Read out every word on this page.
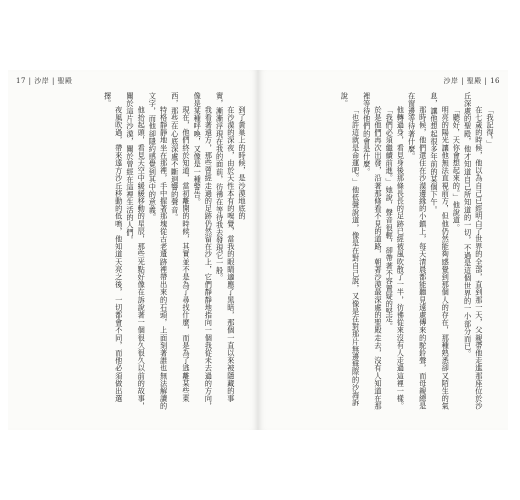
17 | 沙岸 | 聖殿

到了黃巢上的時候，是沙漠地底的

在沙漠的深夜，由於天性本有的嗅覺，當我的眼睛適應了黑暗，那個一直以來被隱藏的事實，漸漸浮現在我的面前，彷彿在等待我去發現它一般。

我看著遠方，那些曾經走過的足跡仍然留在沙上，它們靜靜地指向一個我從未去過的方向，像是某種呼喚，又像是一種警告。

現在，他們終於知道，當初離開的時候，其實並不是為了尋找什麼，而是為了逃離某些東西，那些在心底深處不斷迴響的聲音。

特格靜靜地坐在那裡，手中握著那塊從古老遺跡裡帶出來的石頭，上面刻著誰也無法解讀的文字，而他卻隱約感覺到其中的意義。

他抬起頭，看見天空中緩緩移動的星辰，那些光點好像在訴說著一個很久很久以前的故事，關於這片沙漠，關於曾經在這裡生活的人們。

夜風吹過，帶來遠方沙丘移動的低鳴，他知道天亮之後，一切都會不同，而他必須做出選擇。

沙岸 | 聖殿 | 16

「我記得。」

在七歲的時候，他以為自己已經明白了世界的全部，直到那一天，父親帶他走進那座位於沙丘深處的聖殿，他才知道自己所知道的一切，不過是這個世界的一小部分而已。

「聽好，天你會想起來的。」他說道。

明亮的陽光讓他無法直視前方，但他仍然能夠感覺到那個人的存在，那種熟悉卻又陌生的氣息，讓他想起很多年前的某個下午。

那時候，他們還住在沙漠邊緣的小鎮上，每天清晨都能聽見遠處傳來的駝鈴聲，而母親總是在窗邊等待著什麼。

他轉過身，看見身後那條長長的足跡已經被風吹散了一半，彷彿從來沒有人走過這裡一樣。

「我們必須繼續前進。」她說，聲音很輕，卻帶著不容置疑的堅定。

於是他們再次出發，沿著那條看不見的道路，朝著沙漠最深處的聖殿走去，沒有人知道在那裡等待他們的會是什麼。

「也許這就是命運吧。」他低聲說道，像是在對自己說，又像是在對那片無邊無際的沙海訴說。
